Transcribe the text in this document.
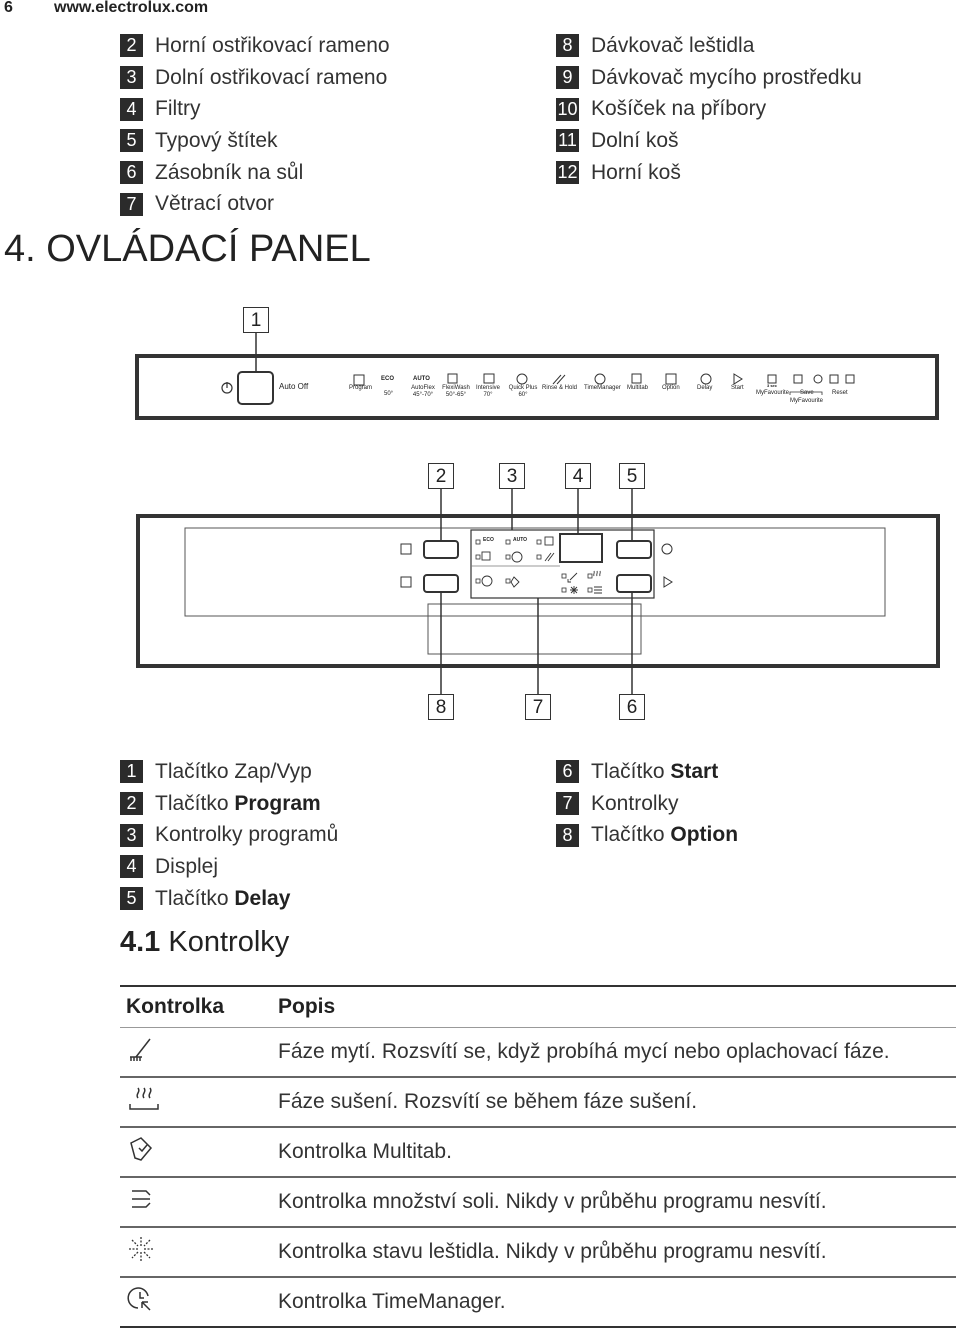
6	www.electrolux.com
2 Horní ostřikovací rameno
3 Dolní ostřikovací rameno
4 Filtry
5 Typový štítek
6 Zásobník na sůl
7 Větrací otvor
8 Dávkovač leštidla
9 Dávkovač mycího prostředku
10 Košíček na příbory
11 Dolní koš
12 Horní koš
4. OVLÁDACÍ PANEL
1
Auto Off	Program
ECO
50°
AUTO
AutoFlex 45°-70°
FlexiWash 50°-65°
Intensive 70°
Quick Plus 60°
Rinse & Hold TimeManager Multitab Option	Delay	Start	3 sec
MyFavourite Save	Reset
MyFavourite
2	3	4	5
8	7	6
ECO	AUTO
1 Tlačítko Zap/Vyp
2 Tlačítko
Program
3 Kontrolky programů
4 Displej
5 Tlačítko
Delay
6 Tlačítko
Start
7 Kontrolky
8 Tlačítko
Option
4.1 Kontrolky
Kontrolka	Popis
	Fáze mytí. Rozsvítí se, když probíhá mycí nebo oplachovací fáze.
	Fáze sušení. Rozsvítí se během fáze sušení.
	Kontrolka Multitab.
	Kontrolka množství soli. Nikdy v průběhu programu nesvítí.
	Kontrolka stavu leštidla. Nikdy v průběhu programu nesvítí.
	Kontrolka TimeManager.
